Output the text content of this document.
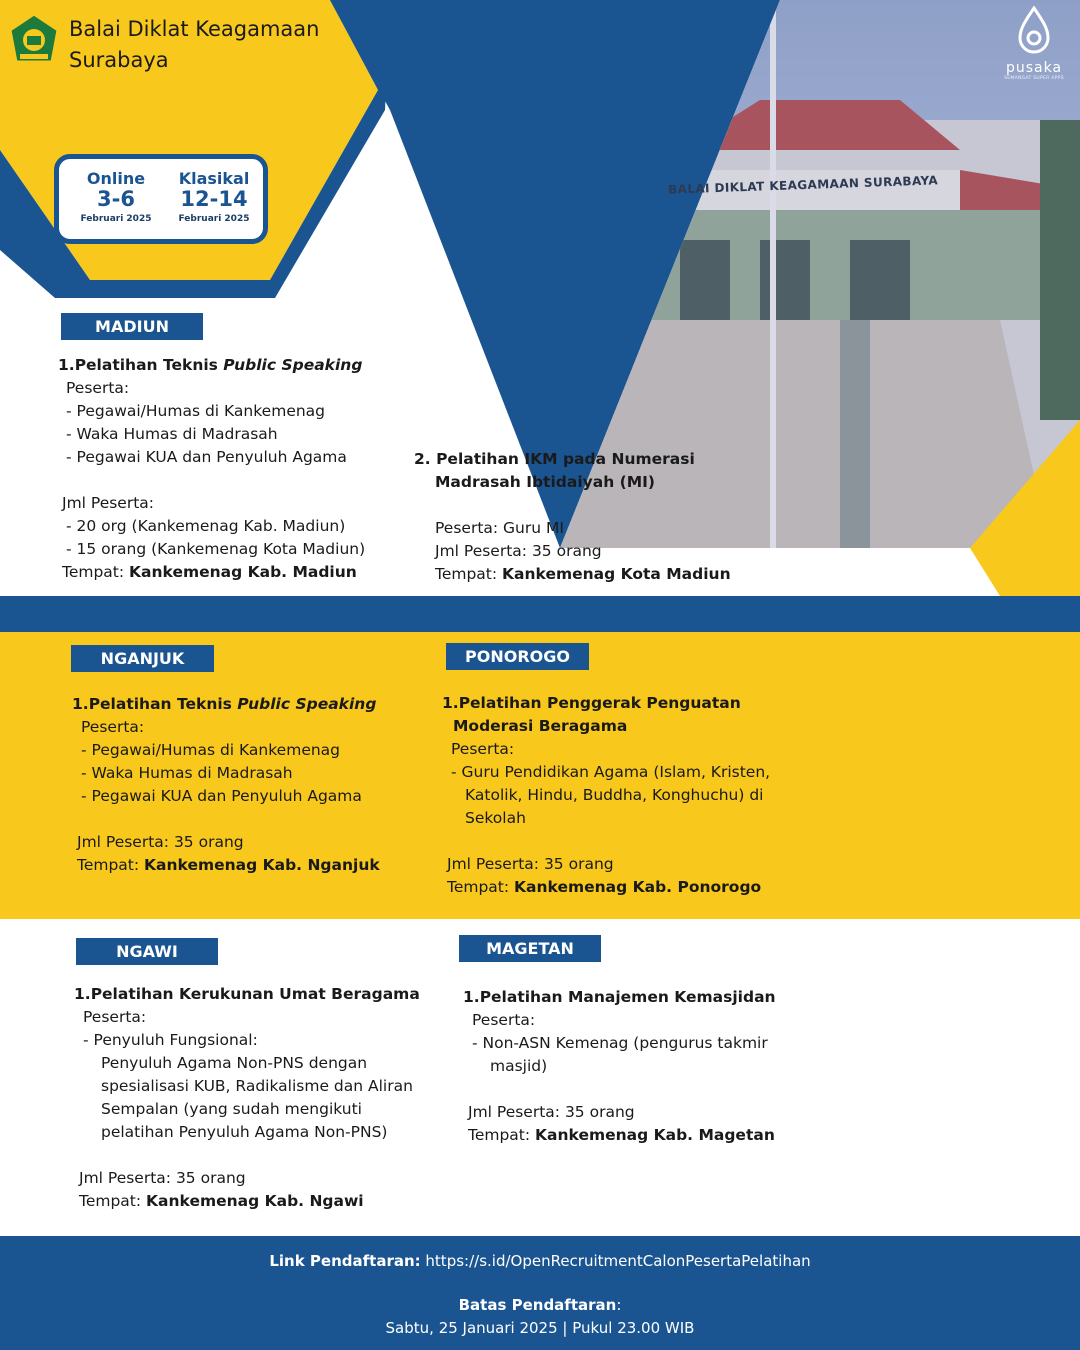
Balai Diklat Keagamaan
Surabaya	pusaka
SEMANGAT SUPER APPS
BALAI DIKLAT KEAGAMAAN SURABAYA
Online
3-6
Februari 2025
Klasikal
12-14
Februari 2025
MADIUN
1.Pelatihan Teknis Public Speaking
Peserta:
- Pegawai/Humas di Kankemenag
- Waka Humas di Madrasah
- Pegawai KUA dan Penyuluh Agama
Jml Peserta:
- 20 org (Kankemenag Kab. Madiun)
- 15 orang (Kankemenag Kota Madiun)
Tempat: Kankemenag Kab. Madiun
2. Pelatihan IKM pada Numerasi
Madrasah Ibtidaiyah (MI)
Peserta: Guru MI
Jml Peserta: 35 orang
Tempat: Kankemenag Kota Madiun
NGANJUK
1.Pelatihan Teknis Public Speaking
Peserta:
- Pegawai/Humas di Kankemenag
- Waka Humas di Madrasah
- Pegawai KUA dan Penyuluh Agama
Jml Peserta: 35 orang
Tempat: Kankemenag Kab. Nganjuk
PONOROGO
1.Pelatihan Penggerak Penguatan
Moderasi Beragama
Peserta:
- Guru Pendidikan Agama (Islam, Kristen,
Katolik, Hindu, Buddha, Konghuchu) di
Sekolah
Jml Peserta: 35 orang
Tempat: Kankemenag Kab. Ponorogo
NGAWI
1.Pelatihan Kerukunan Umat Beragama
Peserta:
- Penyuluh Fungsional:
Penyuluh Agama Non-PNS dengan
spesialisasi KUB, Radikalisme dan Aliran
Sempalan (yang sudah mengikuti
pelatihan Penyuluh Agama Non-PNS)
Jml Peserta: 35 orang
Tempat: Kankemenag Kab. Ngawi
MAGETAN
1.Pelatihan Manajemen Kemasjidan
Peserta:
- Non-ASN Kemenag (pengurus takmir
masjid)
Jml Peserta: 35 orang
Tempat: Kankemenag Kab. Magetan
Link Pendaftaran: https://s.id/OpenRecruitmentCalonPesertaPelatihan
Batas Pendaftaran:
Sabtu, 25 Januari 2025 | Pukul 23.00 WIB
